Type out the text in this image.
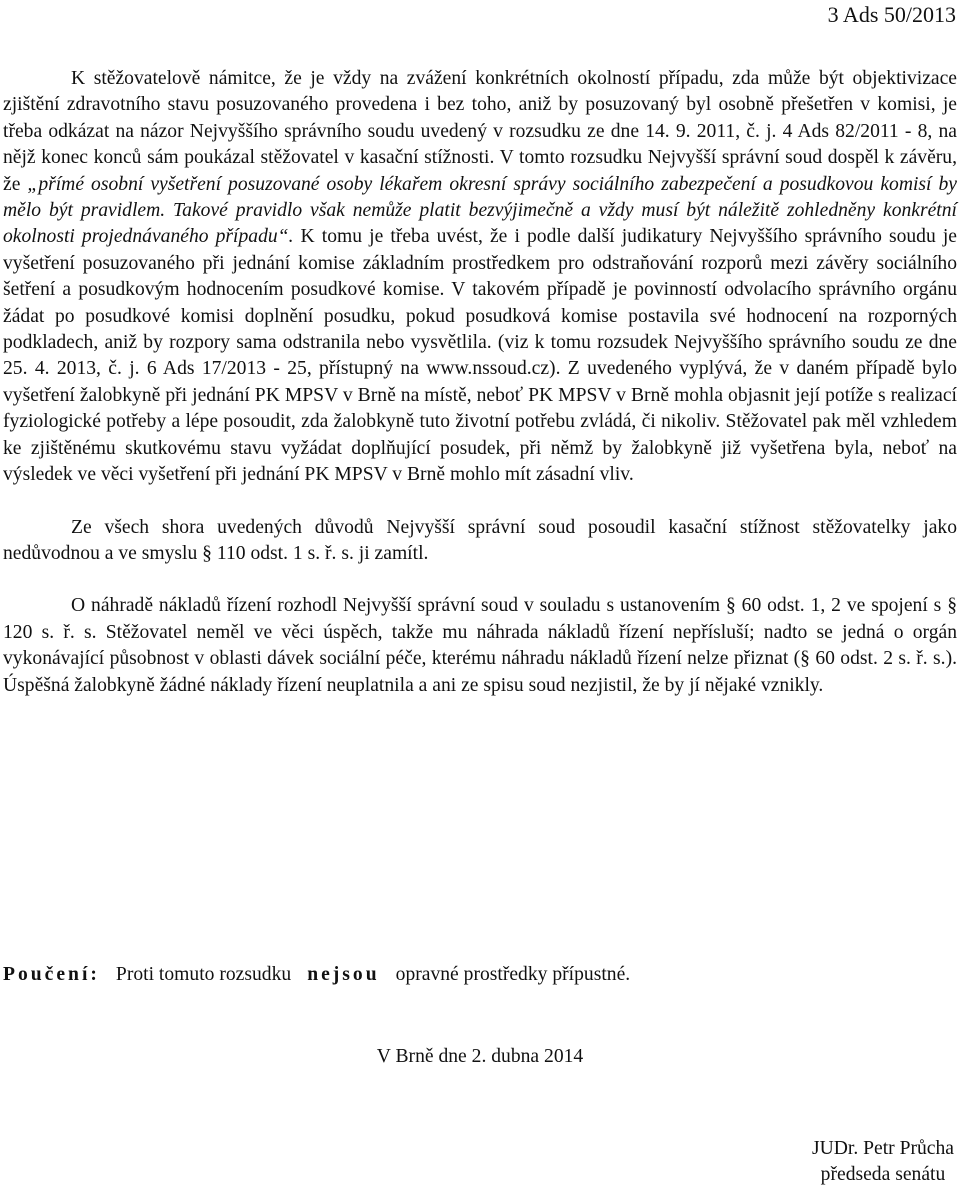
3 Ads 50/2013

K stěžovatelově námitce, že je vždy na zvážení konkrétních okolností případu, zda může být objektivizace zjištění zdravotního stavu posuzovaného provedena i bez toho, aniž by posuzovaný byl osobně přešetřen v komisi, je třeba odkázat na názor Nejvyššího správního soudu uvedený v rozsudku ze dne 14. 9. 2011, č. j. 4 Ads 82/2011 - 8, na nějž konec konců sám poukázal stěžovatel v kasační stížnosti. V tomto rozsudku Nejvyšší správní soud dospěl k závěru, že „přímé osobní vyšetření posuzované osoby lékařem okresní správy sociálního zabezpečení a posudkovou komisí by mělo být pravidlem. Takové pravidlo však nemůže platit bezvýjimečně a vždy musí být náležitě zohledněny konkrétní okolnosti projednávaného případu“. K tomu je třeba uvést, že i podle další judikatury Nejvyššího správního soudu je vyšetření posuzovaného při jednání komise základním prostředkem pro odstraňování rozporů mezi závěry sociálního šetření a posudkovým hodnocením posudkové komise. V takovém případě je povinností odvolacího správního orgánu žádat po posudkové komisi doplnění posudku, pokud posudková komise postavila své hodnocení na rozporných podkladech, aniž by rozpory sama odstranila nebo vysvětlila. (viz k tomu rozsudek Nejvyššího správního soudu ze dne 25. 4. 2013, č. j. 6 Ads 17/2013 - 25, přístupný na www.nssoud.cz). Z uvedeného vyplývá, že v daném případě bylo vyšetření žalobkyně při jednání PK MPSV v Brně na místě, neboť PK MPSV v Brně mohla objasnit její potíže s realizací fyziologické potřeby a lépe posoudit, zda žalobkyně tuto životní potřebu zvládá, či nikoliv. Stěžovatel pak měl vzhledem ke zjištěnému skutkovému stavu vyžádat doplňující posudek, při němž by žalobkyně již vyšetřena byla, neboť na výsledek ve věci vyšetření při jednání PK MPSV v Brně mohlo mít zásadní vliv.

Ze všech shora uvedených důvodů Nejvyšší správní soud posoudil kasační stížnost stěžovatelky jako nedůvodnou a ve smyslu § 110 odst. 1 s. ř. s. ji zamítl.

O náhradě nákladů řízení rozhodl Nejvyšší správní soud v souladu s ustanovením § 60 odst. 1, 2 ve spojení s § 120 s. ř. s. Stěžovatel neměl ve věci úspěch, takže mu náhrada nákladů řízení nepřísluší; nadto se jedná o orgán vykonávající působnost v oblasti dávek sociální péče, kterému náhradu nákladů řízení nelze přiznat (§ 60 odst. 2 s. ř. s.). Úspěšná žalobkyně žádné náklady řízení neuplatnila a ani ze spisu soud nezjistil, že by jí nějaké vznikly.

Poučení: Proti tomuto rozsudku nejsou opravné prostředky přípustné.
V Brně dne 2. dubna 2014
JUDr. Petr Průcha
předseda senátu
